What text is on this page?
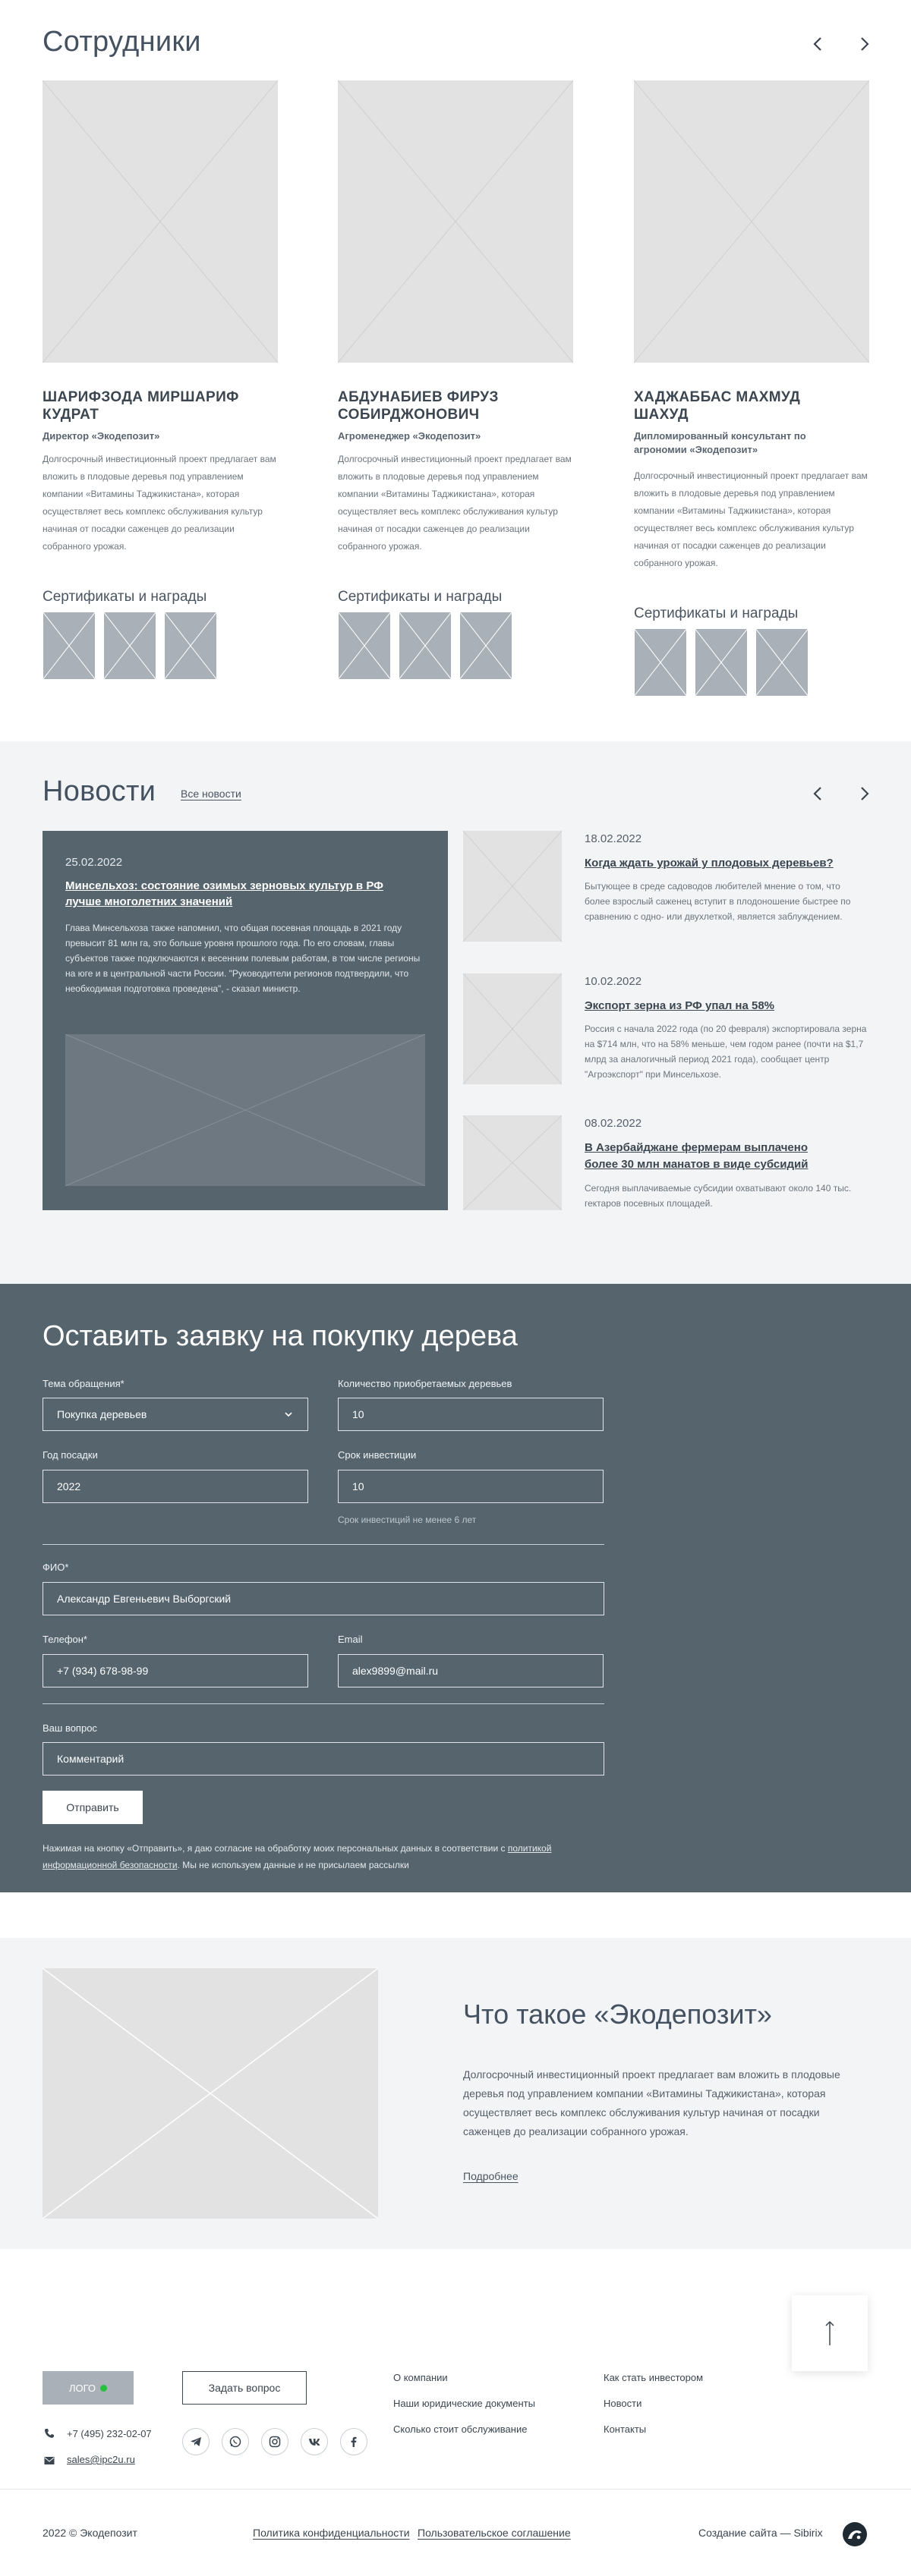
Сотрудники
ШАРИФЗОДА МИРШАРИФ КУДРАТ
Директор «Экодепозит»
Долгосрочный инвестиционный проект предлагает вам вложить в плодовые деревья под управлением компании «Витамины Таджикистана», которая осуществляет весь комплекс обслуживания культур начиная от посадки саженцев до реализации собранного урожая.
Сертификаты и награды
АБДУНАБИЕВ ФИРУЗ СОБИРДЖОНОВИЧ
Агроменеджер «Экодепозит»
Долгосрочный инвестиционный проект предлагает вам вложить в плодовые деревья под управлением компании «Витамины Таджикистана», которая осуществляет весь комплекс обслуживания культур начиная от посадки саженцев до реализации собранного урожая.
Сертификаты и награды
ХАДЖАББАС МАХМУД ШАХУД
Дипломированный консультант по агрономии «Экодепозит»
Долгосрочный инвестиционный проект предлагает вам вложить в плодовые деревья под управлением компании «Витамины Таджикистана», которая осуществляет весь комплекс обслуживания культур начиная от посадки саженцев до реализации собранного урожая.
Сертификаты и награды
Новости Все новости
25.02.2022
Минсельхоз: состояние озимых зерновых культур в РФ лучше многолетних значений
Глава Минсельхоза также напомнил, что общая посевная площадь в 2021 году превысит 81 млн га, это больше уровня прошлого года. По его словам, главы субъектов также подключаются к весенним полевым работам, в том числе регионы на юге и в центральной части России. "Руководители регионов подтвердили, что необходимая подготовка проведена", - сказал министр.
18.02.2022
Когда ждать урожай у плодовых деревьев?
Бытующее в среде садоводов любителей мнение о том, что более взрослый саженец вступит в плодоношение быстрее по сравнению с одно- или двухлеткой, является заблуждением.
10.02.2022
Экспорт зерна из РФ упал на 58%
Россия с начала 2022 года (по 20 февраля) экспортировала зерна на $714 млн, что на 58% меньше, чем годом ранее (почти на $1,7 млрд за аналогичный период 2021 года), сообщает центр "Агроэкспорт" при Минсельхозе.
08.02.2022
В Азербайджане фермерам выплачено более 30 млн манатов в виде субсидий
Сегодня выплачиваемые субсидии охватывают около 140 тыс. гектаров посевных площадей.
Оставить заявку на покупку дерева
Тема обращения*
Покупка деревьев
Количество приобретаемых деревьев
10
Год посадки
2022
Срок инвестиции
10
Срок инвестиций не менее 6 лет
ФИО*
Александр Евгеньевич Выборгский
Телефон*
+7 (934) 678-98-99
Email
alex9899@mail.ru
Ваш вопрос
Комментарий
Отправить
Нажимая на кнопку «Отправить», я даю согласие на обработку моих персональных данных в соответствии с политикой информационной безопасности. Мы не используем данные и не присылаем рассылки
Что такое «Экодепозит»
Долгосрочный инвестиционный проект предлагает вам вложить в плодовые деревья под управлением компании «Витамины Таджикистана», которая осуществляет весь комплекс обслуживания культур начиная от посадки саженцев до реализации собранного урожая.
Подробнее
ЛОГО	Задать вопрос
О компании
Наши юридические документы
Сколько стоит обслуживание
Как стать инвестором
Новости
Контакты
+7 (495) 232-02-07
sales@ipc2u.ru
2022 © Экодепозит	Политика конфиденциальности Пользовательское соглашение	Создание сайта — Sibirix
